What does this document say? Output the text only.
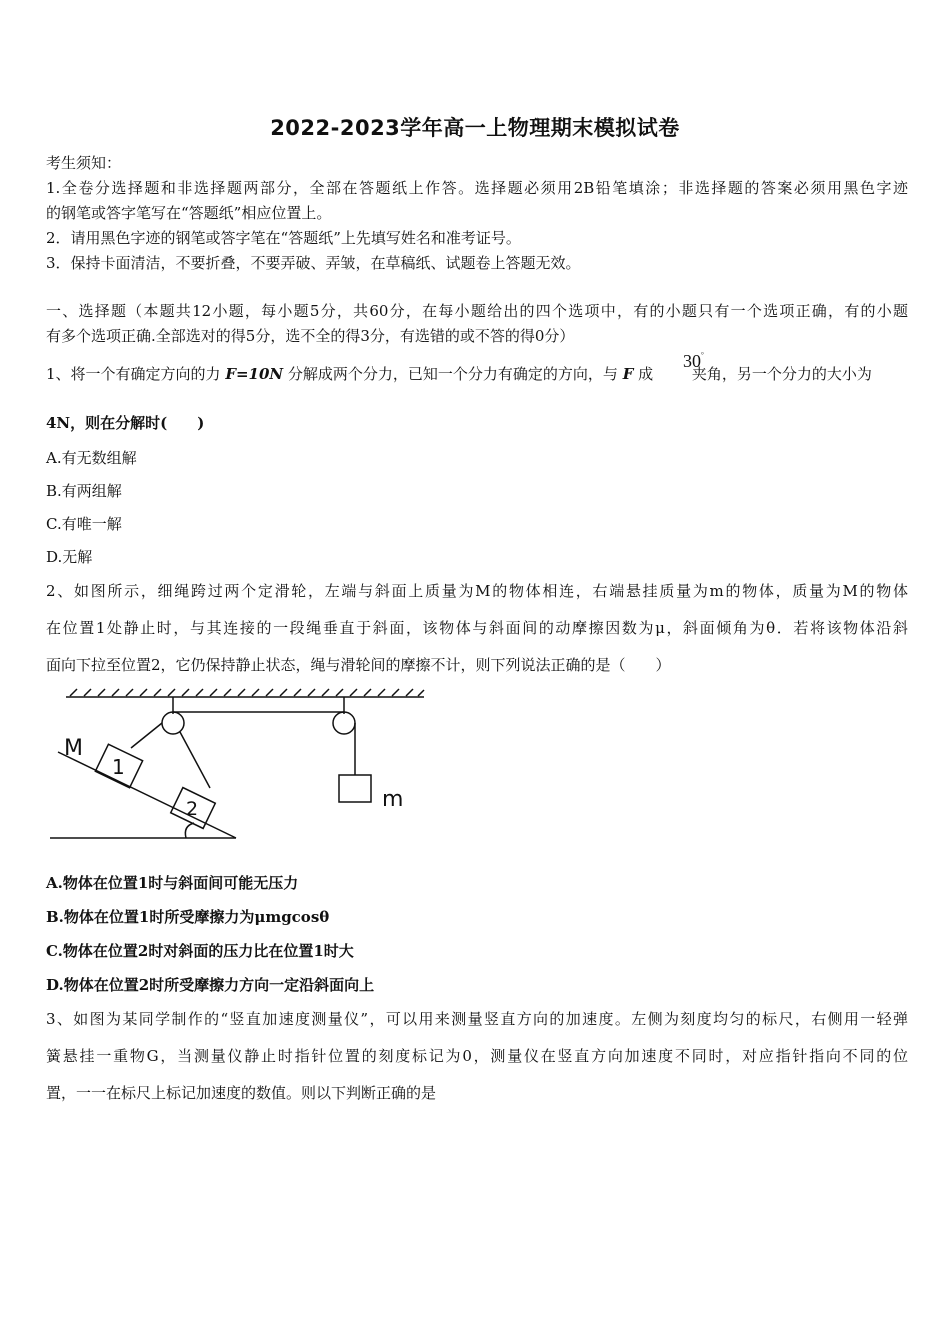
2022-2023学年高一上物理期末模拟试卷
考生须知：
1.全卷分选择题和非选择题两部分，全部在答题纸上作答。选择题必须用2B铅笔填涂；非选择题的答案必须用黑色字迹
的钢笔或答字笔写在“答题纸”相应位置上。
2．请用黑色字迹的钢笔或答字笔在“答题纸”上先填写姓名和准考证号。
3．保持卡面清洁，不要折叠，不要弄破、弄皱，在草稿纸、试题卷上答题无效。
一、选择题（本题共12小题，每小题5分，共60分，在每小题给出的四个选项中，有的小题只有一个选项正确，有的小题
有多个选项正确.全部选对的得5分，选不全的得3分，有选错的或不答的得0分）
1、将一个有确定方向的力 F=10N 分解成两个分力，已知一个分力有确定的方向，与 F 成 夹角，另一个分力的大小为
30°
4N，则在分解时(　　)
A.有无数组解
B.有两组解
C.有唯一解
D.无解
2、如图所示，细绳跨过两个定滑轮，左端与斜面上质量为M的物体相连，右端悬挂质量为m的物体，质量为M的物体
在位置1处静止时，与其连接的一段绳垂直于斜面，该物体与斜面间的动摩擦因数为μ，斜面倾角为θ．若将该物体沿斜
面向下拉至位置2，它仍保持静止状态，绳与滑轮间的摩擦不计，则下列说法正确的是（　　）
M
1
2	m
A.物体在位置1时与斜面间可能无压力
B.物体在位置1时所受摩擦力为μmgcosθ
C.物体在位置2时对斜面的压力比在位置1时大
D.物体在位置2时所受摩擦力方向一定沿斜面向上
3、如图为某同学制作的“竖直加速度测量仪”，可以用来测量竖直方向的加速度。左侧为刻度均匀的标尺，右侧用一轻弹
簧悬挂一重物G，当测量仪静止时指针位置的刻度标记为0，测量仪在竖直方向加速度不同时，对应指针指向不同的位
置，一一在标尺上标记加速度的数值。则以下判断正确的是
